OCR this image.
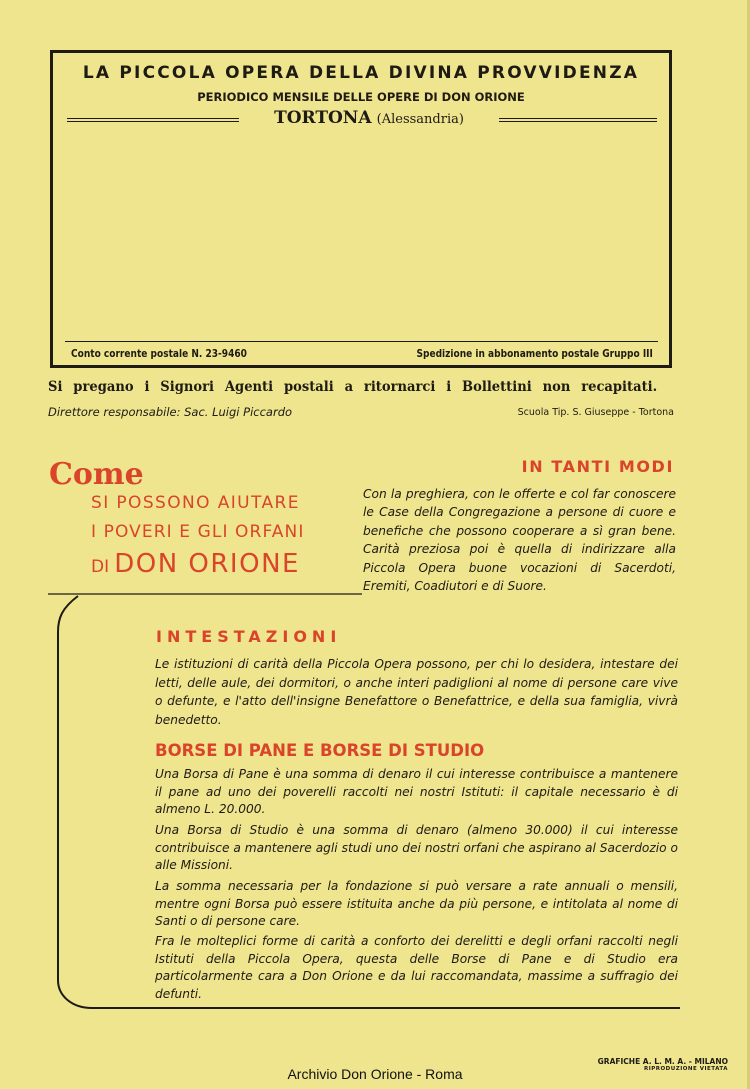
LA PICCOLA OPERA DELLA DIVINA PROVVIDENZA
PERIODICO MENSILE DELLE OPERE DI DON ORIONE
TORTONA (Alessandria)
Conto corrente postale N. 23-9460	Spedizione in abbonamento postale Gruppo III
Si pregano i Signori Agenti postali a ritornarci i Bollettini non recapitati.
Direttore responsabile: Sac. Luigi Piccardo	Scuola Tip. S. Giuseppe - Tortona
Come
SI POSSONO AIUTARE
I POVERI E GLI ORFANI
DI DON ORIONE
IN TANTI MODI
Con la preghiera, con le offerte e col far conoscere le Case della Congregazione a persone di cuore e benefiche che possono cooperare a sì gran bene. Carità preziosa poi è quella di indirizzare alla Piccola Opera buone vocazioni di Sacerdoti, Eremiti, Coadiutori e di Suore.
INTESTAZIONI
Le istituzioni di carità della Piccola Opera possono, per chi lo desidera, intestare dei letti, delle aule, dei dormitori, o anche interi padiglioni al nome di persone care vive o defunte, e l'atto dell'insigne Benefattore o Benefattrice, e della sua famiglia, vivrà benedetto.
BORSE DI PANE E BORSE DI STUDIO

Una Borsa di Pane è una somma di denaro il cui interesse contribuisce a mantenere il pane ad uno dei poverelli raccolti nei nostri Istituti: il capitale necessario è di almeno L. 20.000.

Una Borsa di Studio è una somma di denaro (almeno 30.000) il cui interesse contribuisce a mantenere agli studi uno dei nostri orfani che aspirano al Sacerdozio o alle Missioni.

La somma necessaria per la fondazione si può versare a rate annuali o mensili, mentre ogni Borsa può essere istituita anche da più persone, e intitolata al nome di Santi o di persone care.

Fra le molteplici forme di carità a conforto dei derelitti e degli orfani raccolti negli Istituti della Piccola Opera, questa delle Borse di Pane e di Studio era particolarmente cara a Don Orione e da lui raccomandata, massime a suffragio dei defunti.

GRAFICHE A. L. M. A. - MILANO
RIPRODUZIONE VIETATA
Archivio Don Orione - Roma
